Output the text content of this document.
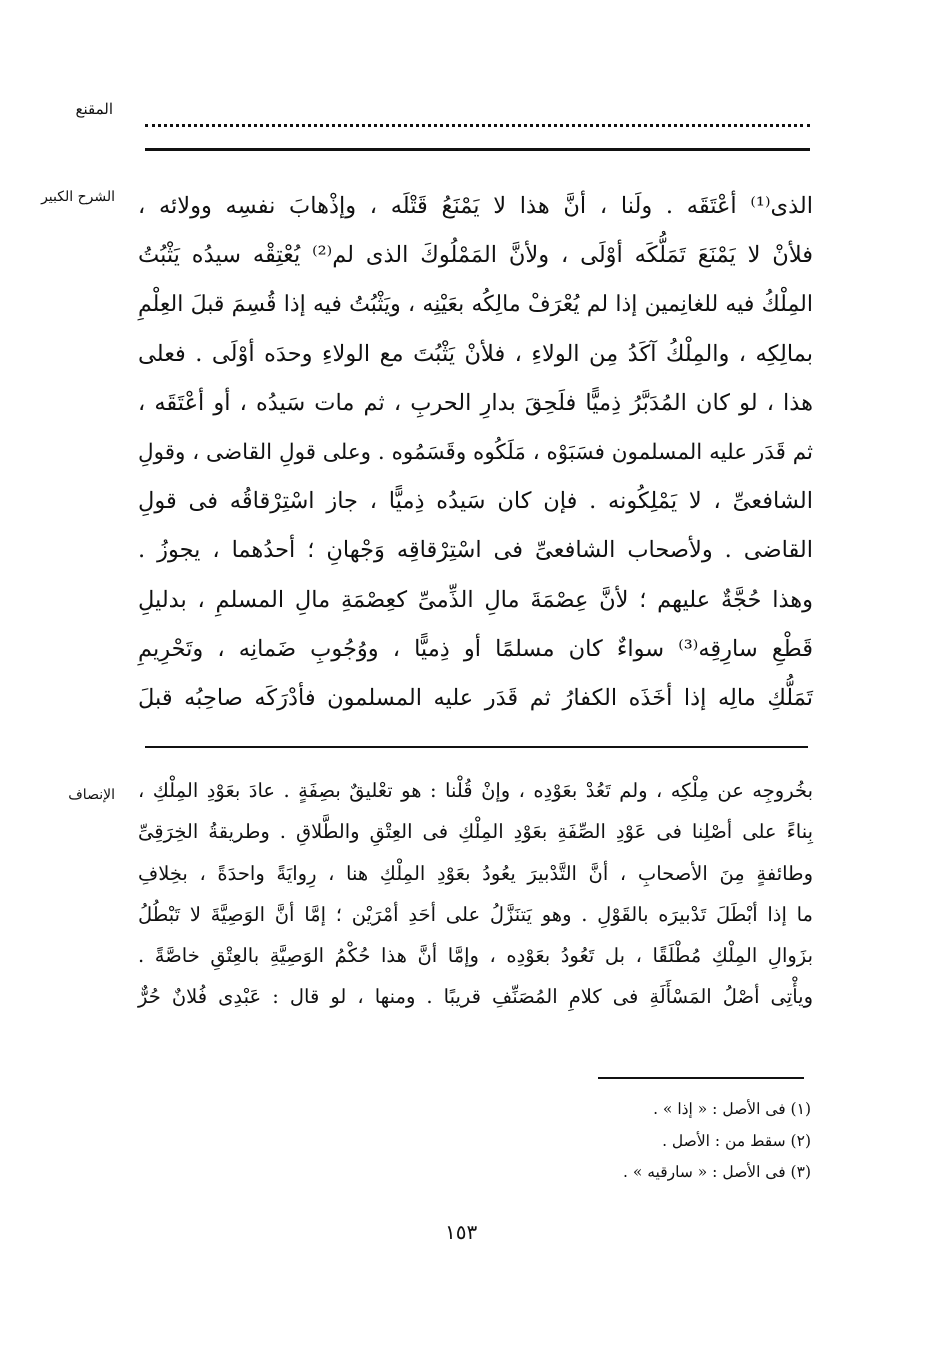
المقنع
الشرح الكبير
الإنصاف
الذى⁽¹⁾ أعْتَقَه . ولَنا ، أنَّ هذا لا يَمْنَعُ قَتْلَه ، وإذْهابَ نفسِه وولائه ،
فلأنْ لا يَمْنَعَ تَمَلُّكَه أوْلَى ، ولأنَّ المَمْلُوكَ الذى لم⁽²⁾ يُعْتِقْه سيدُه يَثْبُتُ
المِلْكُ فيه للغانِمين إذا لم يُعْرَفْ مالِكُه بعَيْنِه ، ويَثْبُتُ فيه إذا قُسِمَ قبلَ العِلْمِ
بمالِكِه ، والمِلْكُ آكَدُ مِن الولاءِ ، فلأنْ يَثْبُتَ مع الولاءِ وحدَه أوْلَى . فعلى
هذا ، لو كان المُدَبَّرُ ذِميًّا فلَحِقَ بدارِ الحربِ ، ثم مات سَيدُه ، أو أعْتَقَه ،
ثم قَدَر عليه المسلمون فسَبَوْه ، مَلَكُوه وقَسَمُوه . وعلى قولِ القاضى ، وقولِ
الشافعىِّ ، لا يَمْلِكُونه . فإن كان سَيدُه ذِميًّا ، جاز اسْتِرْقاقُه فى قولِ
القاضى . ولأصحاب الشافعىِّ فى اسْتِرْقاقِه وَجْهانِ ؛ أحدُهما ، يجوزُ .
وهذا حُجَّةٌ عليهم ؛ لأنَّ عِصْمَةَ مالِ الذِّمىِّ كعِصْمَةِ مالِ المسلمِ ، بدليلِ
قَطْعِ سارِقِه⁽³⁾ سواءٌ كان مسلمًا أو ذِميًّا ، ووُجُوبِ ضَمانِه ، وتَحْرِيمِ
تَمَلُّكِ مالِه إذا أخَذَه الكفارُ ثم قَدَر عليه المسلمون فأدْرَكَه صاحِبُه قبلَ
بخُروجِه عن مِلْكِه ، ولم تَعُدْ بعَوْدِه ، وإنْ قُلْنا : هو تعْليقٌ بصِفَةٍ . عادَ بعَوْدِ المِلْكِ ،
بِناءً على أصْلِنا فى عَوْدِ الصِّفَةِ بعَوْدِ المِلْكِ فى العِتْقِ والطَّلاقِ . وطريقةُ الخِرَقِىِّ
وطائفةٍ مِنَ الأصحابِ ، أنَّ التَّدْبيرَ يعُودُ بعَوْدِ المِلْكِ هنا ، رِوايَةً واحدَةً ، بخِلافِ
ما إذا أبْطَلَ تَدْبيرَه بالقَوْلِ . وهو يَتنَزَّلُ على أحَدِ أمْرَيْن ؛ إمَّا أنَّ الوَصِيَّةَ لا تَبْطُلُ
بزَوالِ المِلْكِ مُطْلَقًا ، بل تَعُودُ بعَوْدِه ، وإمَّا أنَّ هذا حُكْمُ الوَصِيَّةِ بالعِتْقِ خاصَّةً .
ويأْتِى أصْلُ المَسْأَلَةِ فى كلامِ المُصَنِّفِ قريبًا . ومنها ، لو قال : عَبْدِى فُلانٌ حُرٌّ
(١) فى الأصل : « إذا » .
(٢) سقط من : الأصل .
(٣) فى الأصل : « سارقيه » .
١٥٣
